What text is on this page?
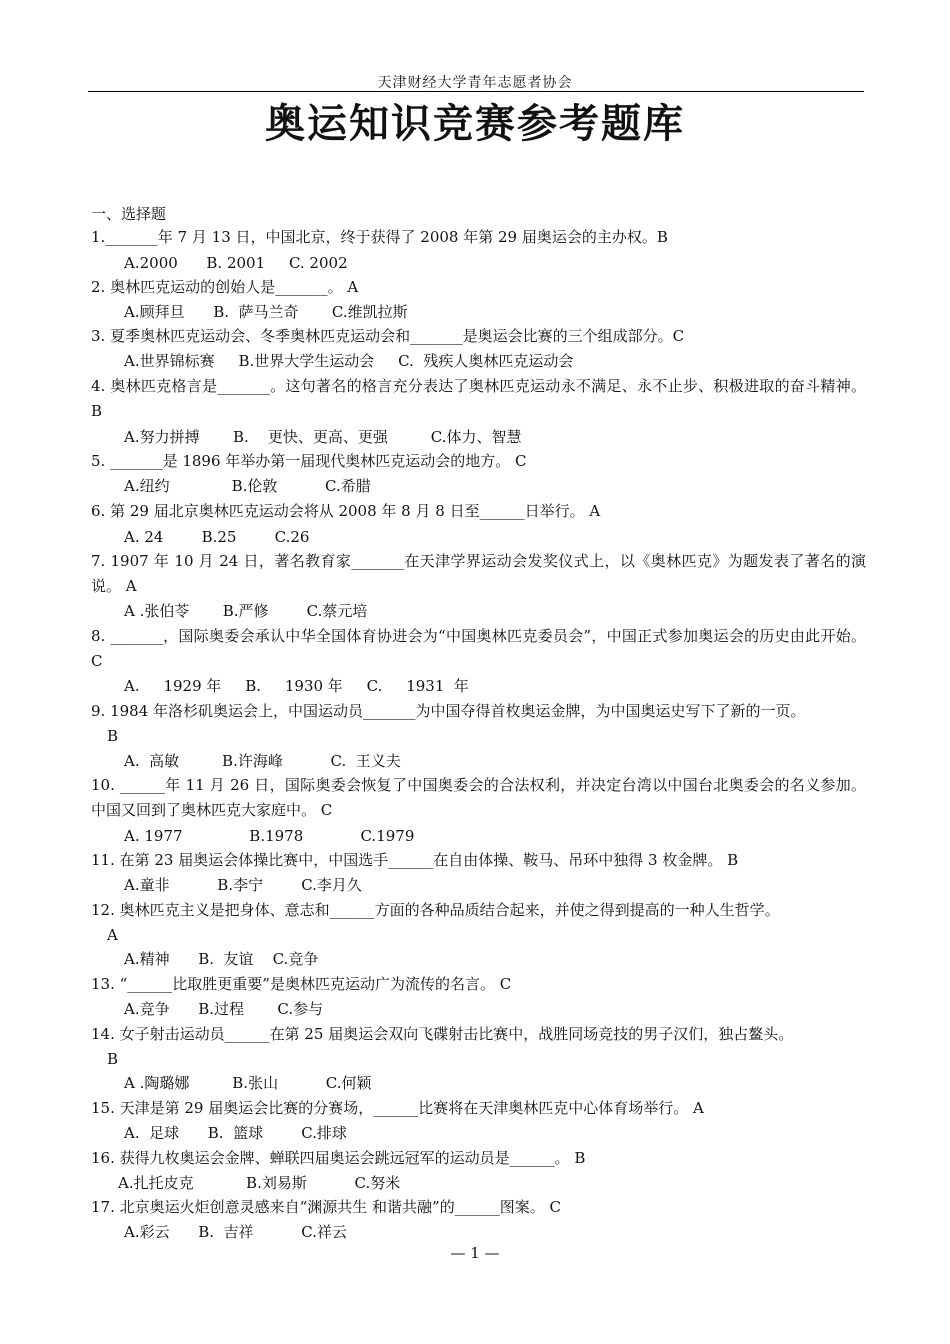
天津财经大学青年志愿者协会
奥运知识竞赛参考题库
一、选择题
1._______年 7 月 13 日，中国北京，终于获得了 2008 年第 29 届奥运会的主办权。B
A.2000      B. 2001     C. 2002
2. 奥林匹克运动的创始人是_______。 A
A.顾拜旦      B.  萨马兰奇       C.维凯拉斯
3. 夏季奥林匹克运动会、冬季奥林匹克运动会和_______是奥运会比赛的三个组成部分。C
A.世界锦标赛     B.世界大学生运动会     C.  残疾人奥林匹克运动会
4. 奥林匹克格言是_______。这句著名的格言充分表达了奥林匹克运动永不满足、永不止步、积极进取的奋斗精神。 B
A.努力拼搏       B.    更快、更高、更强         C.体力、智慧
5. _______是 1896 年举办第一届现代奥林匹克运动会的地方。 C
A.纽约             B.伦敦          C.希腊
6. 第 29 届北京奥林匹克运动会将从 2008 年 8 月 8 日至______日举行。 A
A. 24        B.25        C.26
7. 1907 年 10 月 24 日，著名教育家_______在天津学界运动会发奖仪式上，以《奥林匹克》为题发表了著名的演说。 A
A .张伯苓       B.严修        C.蔡元培
8. _______，国际奥委会承认中华全国体育协进会为“中国奥林匹克委员会”，中国正式参加奥运会的历史由此开始。 C
A.     1929 年     B.     1930 年     C.     1931  年
9. 1984 年洛杉矶奥运会上，中国运动员_______为中国夺得首枚奥运金牌，为中国奥运史写下了新的一页。
B
A.  高敏         B.许海峰          C.  王义夫
10. ______年 11 月 26 日，国际奥委会恢复了中国奥委会的合法权利，并决定台湾以中国台北奥委会的名义参加。中国又回到了奥林匹克大家庭中。 C
A. 1977              B.1978            C.1979
11. 在第 23 届奥运会体操比赛中，中国选手______在自由体操、鞍马、吊环中独得 3 枚金牌。 B
A.童非          B.李宁        C.李月久
12. 奥林匹克主义是把身体、意志和______方面的各种品质结合起来，并使之得到提高的一种人生哲学。
A
A.精神      B.  友谊    C.竞争
13. “______比取胜更重要”是奥林匹克运动广为流传的名言。 C
A.竞争      B.过程       C.参与
14. 女子射击运动员______在第 25 届奥运会双向飞碟射击比赛中，战胜同场竞技的男子汉们，独占鳌头。
B
A .陶璐娜         B.张山          C.何颖
15. 天津是第 29 届奥运会比赛的分赛场，______比赛将在天津奥林匹克中心体育场举行。 A
A.  足球      B.  篮球        C.排球
16. 获得九枚奥运会金牌、蝉联四届奥运会跳远冠军的运动员是______。 B
A.扎托皮克           B.刘易斯          C.努米
17. 北京奥运火炬创意灵感来自“渊源共生 和谐共融”的______图案。 C
A.彩云      B.  吉祥          C.祥云
— 1 —
